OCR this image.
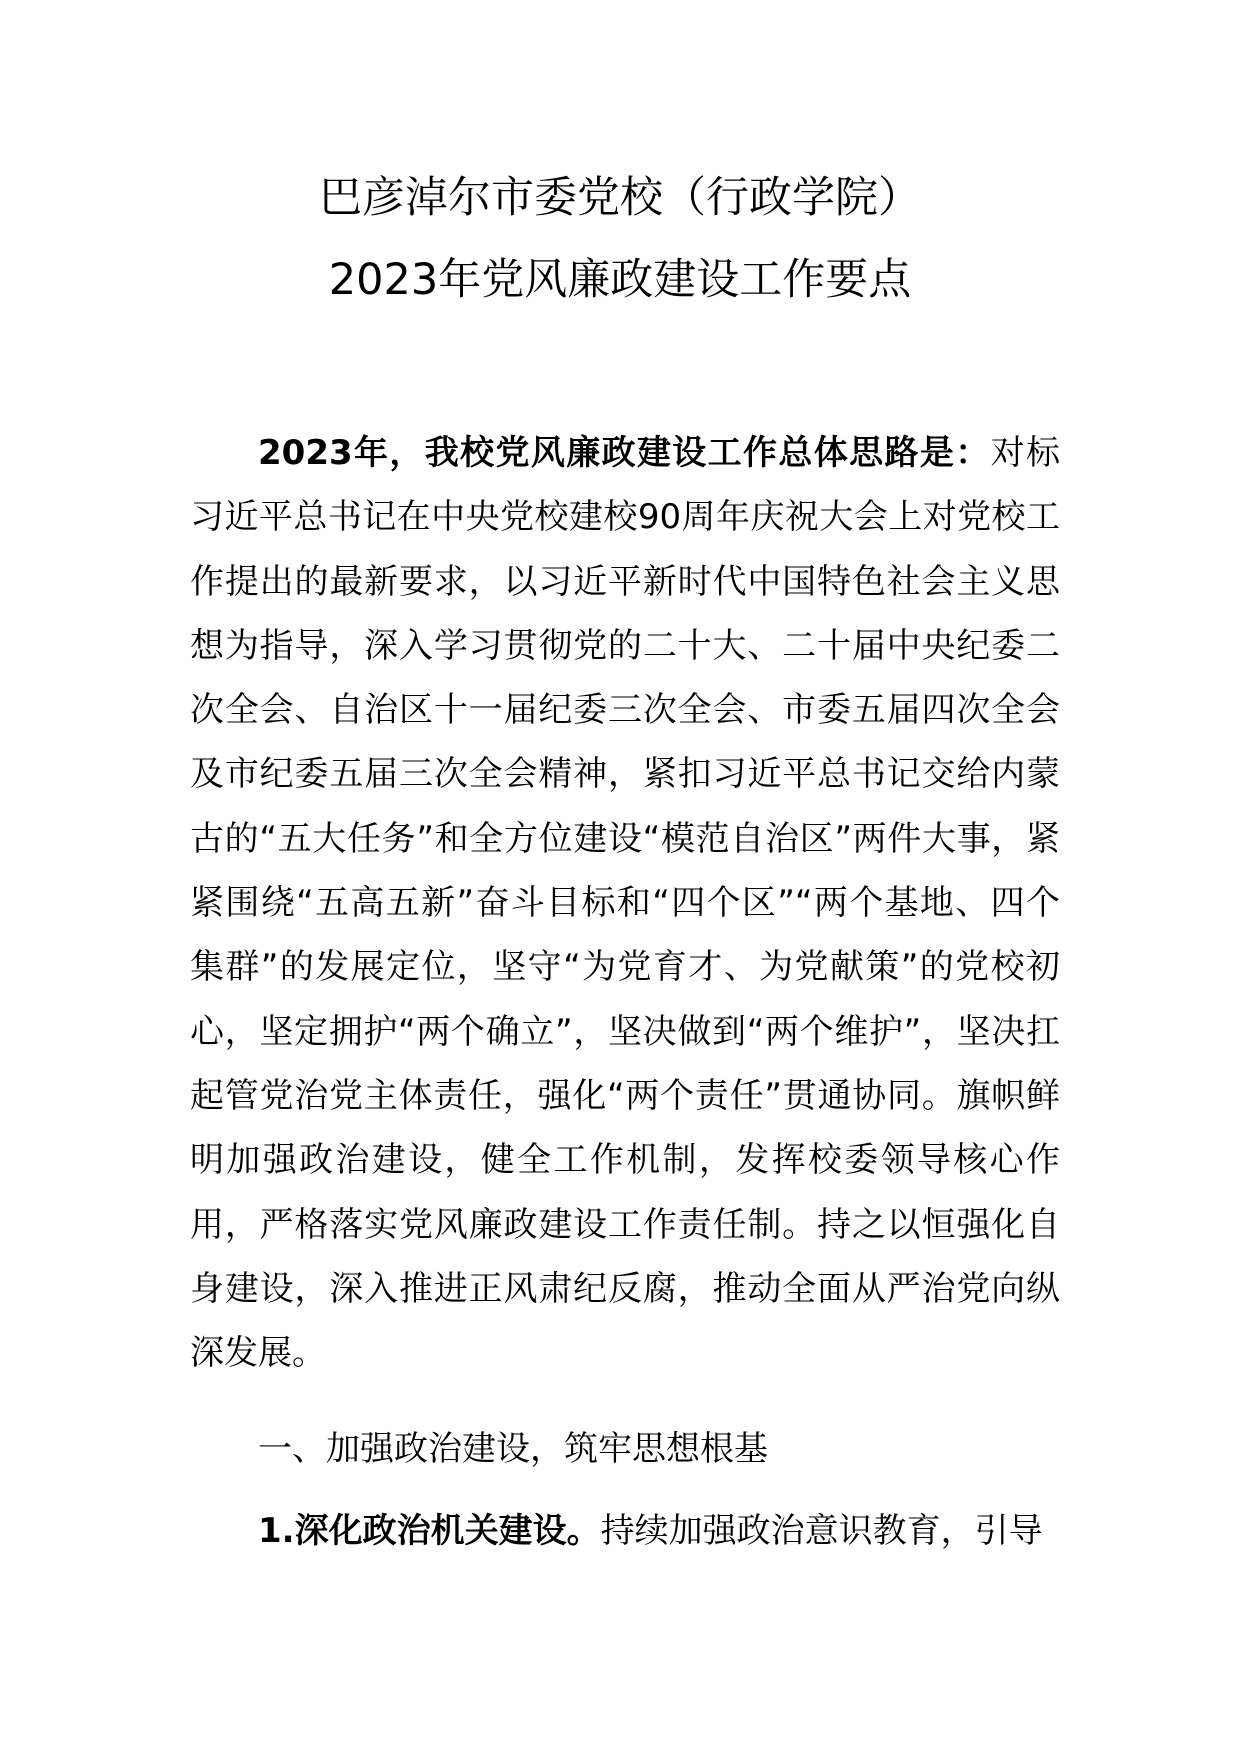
巴彦淖尔市委党校（行政学院）
2023年党风廉政建设工作要点

2023年，我校党风廉政建设工作总体思路是：对标习近平总书记在中央党校建校90周年庆祝大会上对党校工作提出的最新要求，以习近平新时代中国特色社会主义思想为指导，深入学习贯彻党的二十大、二十届中央纪委二次全会、自治区十一届纪委三次全会、市委五届四次全会及市纪委五届三次全会精神，紧扣习近平总书记交给内蒙古的“五大任务”和全方位建设“模范自治区”两件大事，紧紧围绕“五高五新”奋斗目标和“四个区”“两个基地、四个集群”的发展定位，坚守“为党育才、为党献策”的党校初心，坚定拥护“两个确立”，坚决做到“两个维护”，坚决扛起管党治党主体责任，强化“两个责任”贯通协同。旗帜鲜明加强政治建设，健全工作机制，发挥校委领导核心作用，严格落实党风廉政建设工作责任制。持之以恒强化自身建设，深入推进正风肃纪反腐，推动全面从严治党向纵深发展。

一、加强政治建设，筑牢思想根基

1.深化政治机关建设。持续加强政治意识教育，引导
